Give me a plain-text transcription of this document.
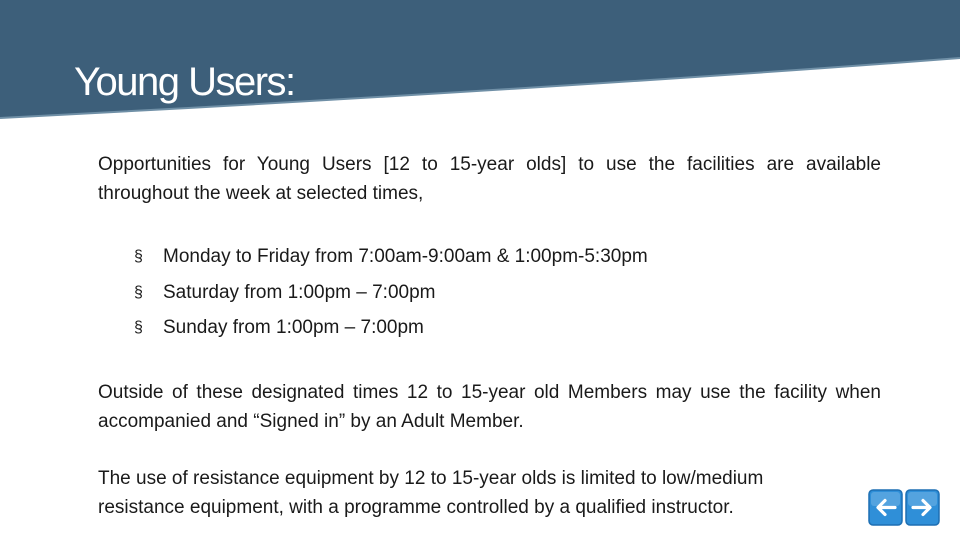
Young Users:

Opportunities for Young Users [12 to 15-year olds] to use the facilities are available throughout the week at selected times,

§ Monday to Friday from 7:00am-9:00am & 1:00pm-5:30pm
§ Saturday from 1:00pm – 7:00pm
§ Sunday from 1:00pm – 7:00pm

Outside of these designated times 12 to 15-year old Members may use the facility when accompanied and “Signed in” by an Adult Member.

The use of resistance equipment by 12 to 15-year olds is limited to low/medium
resistance equipment, with a programme controlled by a qualified instructor.
